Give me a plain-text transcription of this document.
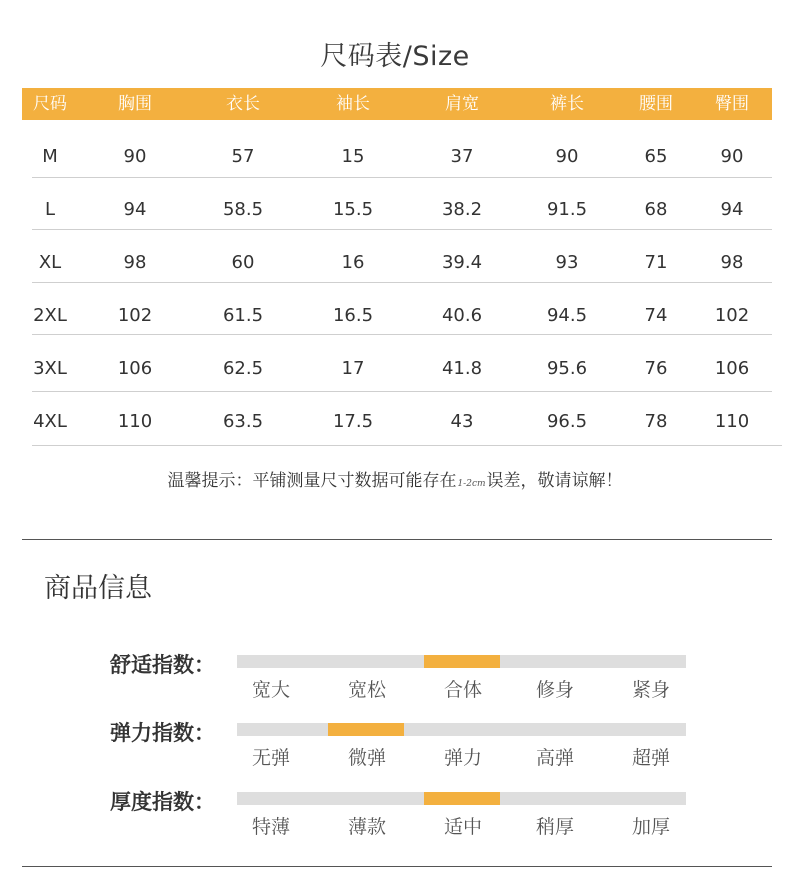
尺码表/Size
尺码	胸围	衣长	袖长	肩宽	裤长	腰围 臀围
M	90	57	15	37	90	65	90
L	94	58.5	15.5	38.2	91.5	68	94
XL	98	60	16	39.4	93	71	98
2XL	102	61.5	16.5	40.6	94.5	74	102
3XL	106	62.5	17	41.8	95.6	76	106
4XL	110	63.5	17.5	43	96.5	78	110
温馨提示：平铺测量尺寸数据可能存在1-2cm误差，敬请谅解！
商品信息
舒适指数：
宽大	宽松	合体	修身	紧身
弹力指数：
无弹	微弹	弹力	高弹	超弹
厚度指数：
特薄	薄款	适中	稍厚	加厚
